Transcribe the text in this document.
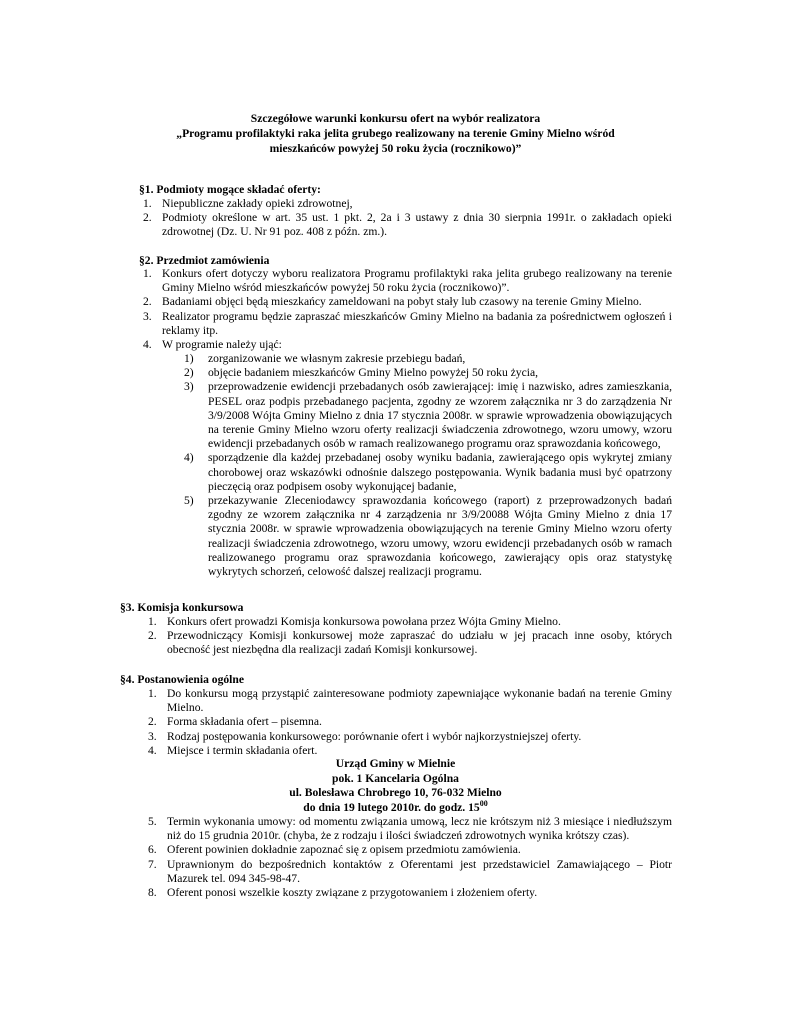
Szczegółowe warunki konkursu ofert na wybór realizatora
„Programu profilaktyki raka jelita grubego realizowany na terenie Gminy Mielno wśród
mieszkańców powyżej 50 roku życia (rocznikowo)”
§1. Podmioty mogące składać oferty:
1. Niepubliczne zakłady opieki zdrowotnej,
2. Podmioty określone w art. 35 ust. 1 pkt. 2, 2a i 3 ustawy z dnia 30 sierpnia 1991r. o zakładach opieki zdrowotnej (Dz. U. Nr 91 poz. 408 z późn. zm.).
§2. Przedmiot zamówienia
1. Konkurs ofert dotyczy wyboru realizatora Programu profilaktyki raka jelita grubego realizowany na terenie Gminy Mielno wśród mieszkańców powyżej 50 roku życia (rocznikowo)”.
2. Badaniami objęci będą mieszkańcy zameldowani na pobyt stały lub czasowy na terenie Gminy Mielno.
3. Realizator programu będzie zapraszać mieszkańców Gminy Mielno na badania za pośrednictwem ogłoszeń i reklamy itp.
4. W programie należy ująć:
1) zorganizowanie we własnym zakresie przebiegu badań,
2) objęcie badaniem mieszkańców Gminy Mielno powyżej 50 roku życia,
3) przeprowadzenie ewidencji przebadanych osób zawierającej: imię i nazwisko, adres zamieszkania, PESEL oraz podpis przebadanego pacjenta, zgodny ze wzorem załącznika nr 3 do zarządzenia Nr 3/9/2008 Wójta Gminy Mielno z dnia 17 stycznia 2008r. w sprawie wprowadzenia obowiązujących na terenie Gminy Mielno wzoru oferty realizacji świadczenia zdrowotnego, wzoru umowy, wzoru ewidencji przebadanych osób w ramach realizowanego programu oraz sprawozdania końcowego,
4) sporządzenie dla każdej przebadanej osoby wyniku badania, zawierającego opis wykrytej zmiany chorobowej oraz wskazówki odnośnie dalszego postępowania. Wynik badania musi być opatrzony pieczęcią oraz podpisem osoby wykonującej badanie,
5) przekazywanie Zleceniodawcy sprawozdania końcowego (raport) z przeprowadzonych badań zgodny ze wzorem załącznika nr 4 zarządzenia nr 3/9/20088 Wójta Gminy Mielno z dnia 17 stycznia 2008r. w sprawie wprowadzenia obowiązujących na terenie Gminy Mielno wzoru oferty realizacji świadczenia zdrowotnego, wzoru umowy, wzoru ewidencji przebadanych osób w ramach realizowanego programu oraz sprawozdania końcowego, zawierający opis oraz statystykę wykrytych schorzeń, celowość dalszej realizacji programu.
§3. Komisja konkursowa
1. Konkurs ofert prowadzi Komisja konkursowa powołana przez Wójta Gminy Mielno.
2. Przewodniczący Komisji konkursowej może zapraszać do udziału w jej pracach inne osoby, których obecność jest niezbędna dla realizacji zadań Komisji konkursowej.
§4. Postanowienia ogólne
1. Do konkursu mogą przystąpić zainteresowane podmioty zapewniające wykonanie badań na terenie Gminy Mielno.
2. Forma składania ofert – pisemna.
3. Rodzaj postępowania konkursowego: porównanie ofert i wybór najkorzystniejszej oferty.
4. Miejsce i termin składania ofert.
Urząd Gminy w Mielnie
pok. 1 Kancelaria Ogólna
ul. Bolesława Chrobrego 10, 76-032 Mielno
do dnia 19 lutego 2010r. do godz. $15^{00}$
5. Termin wykonania umowy: od momentu związania umową, lecz nie krótszym niż 3 miesiące i niedłuższym niż do 15 grudnia 2010r. (chyba, że z rodzaju i ilości świadczeń zdrowotnych wynika krótszy czas).
6. Oferent powinien dokładnie zapoznać się z opisem przedmiotu zamówienia.
7. Uprawnionym do bezpośrednich kontaktów z Oferentami jest przedstawiciel Zamawiającego – Piotr Mazurek tel. 094 345-98-47.
8. Oferent ponosi wszelkie koszty związane z przygotowaniem i złożeniem oferty.
